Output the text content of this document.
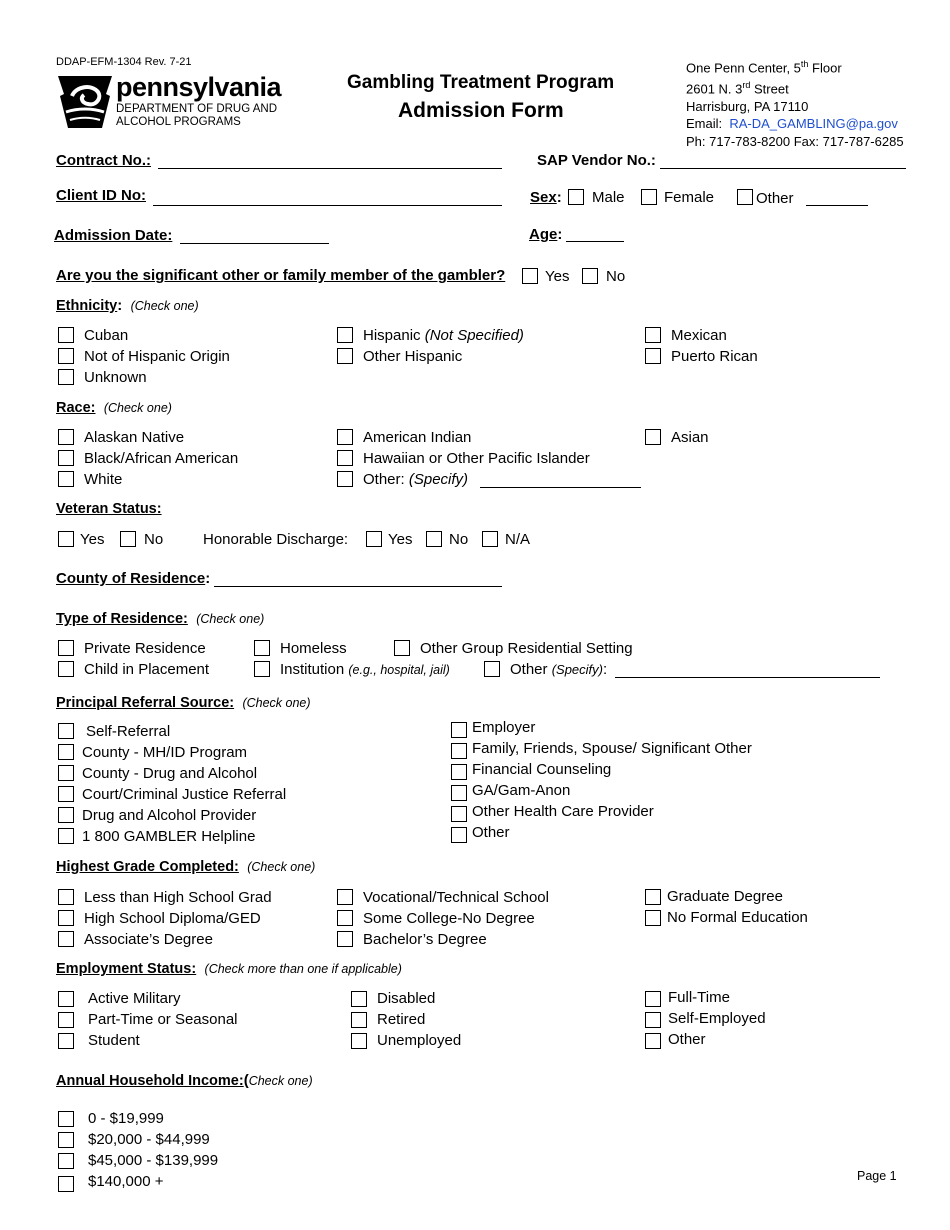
DDAP-EFM-1304 Rev. 7-21
pennsylvania
DEPARTMENT OF DRUG AND
ALCOHOL PROGRAMS
Gambling Treatment Program
Admission Form
One Penn Center, 5th Floor
2601 N. 3rd Street
Harrisburg, PA 17110
Email: RA-DA_GAMBLING@pa.gov
Ph: 717-783-8200 Fax: 717-787-6285
Contract No.:	SAP Vendor No.:
Client ID No:	Sex: Male	Female	Other
Admission Date:	Age:
Are you the significant other or family member of the gambler?	Yes No
Ethnicity: (Check one)
Cuban
Not of Hispanic Origin
Unknown
Hispanic (Not Specified)
Other Hispanic
Mexican
Puerto Rican
Race: (Check one)
Alaskan Native
Black/African American
White
American Indian
Hawaiian or Other Pacific Islander
Other: (Specify)
Asian
Veteran Status:
Yes	No	Honorable Discharge:	Yes No N/A
County of Residence:
Type of Residence: (Check one)
Private Residence
Child in Placement
Homeless
Institution (e.g., hospital, jail)
Other Group Residential Setting
Other (Specify):
Principal Referral Source: (Check one)
Self-Referral
County - MH/ID Program
County - Drug and Alcohol
Court/Criminal Justice Referral
Drug and Alcohol Provider
1 800 GAMBLER Helpline
Employer
Family, Friends, Spouse/ Significant Other
Financial Counseling
GA/Gam-Anon
Other Health Care Provider
Other
Highest Grade Completed: (Check one)
Less than High School Grad
High School Diploma/GED
Associate’s Degree
Vocational/Technical School
Some College-No Degree
Bachelor’s Degree
Graduate Degree
No Formal Education
Employment Status: (Check more than one if applicable)
Active Military
Part-Time or Seasonal
Student
Disabled
Retired
Unemployed
Full-Time
Self-Employed
Other
Annual Household Income:(Check one)
0 - $19,999
$20,000 - $44,999
$45,000 - $139,999
$140,000 +	Page 1
